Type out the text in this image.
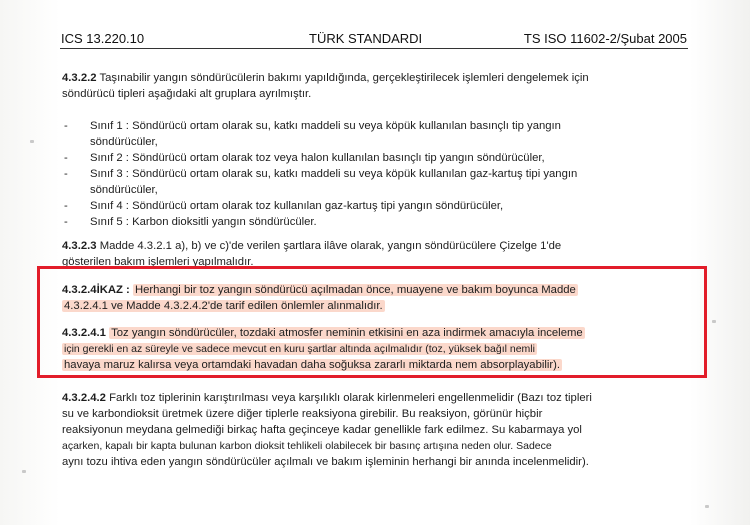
ICS 13.220.10	TÜRK STANDARDI	TS ISO 11602-2/Şubat 2005
4.3.2.2 Taşınabilir yangın söndürücülerin bakımı yapıldığında, gerçekleştirilecek işlemleri dengelemek için
söndürücü tipleri aşağıdaki alt gruplara ayrılmıştır.
- Sınıf 1 : Söndürücü ortam olarak su, katkı maddeli su veya köpük kullanılan basınçlı tip yangın
söndürücüler,
- Sınıf 2 : Söndürücü ortam olarak toz veya halon kullanılan basınçlı tip yangın söndürücüler,
- Sınıf 3 : Söndürücü ortam olarak su, katkı maddeli su veya köpük kullanılan gaz-kartuş tipi yangın
söndürücüler,
- Sınıf 4 : Söndürücü ortam olarak toz kullanılan gaz-kartuş tipi yangın söndürücüler,
- Sınıf 5 : Karbon dioksitli yangın söndürücüler.
4.3.2.3 Madde 4.3.2.1 a), b) ve c)'de verilen şartlara ilâve olarak, yangın söndürücülere Çizelge 1'de
gösterilen bakım işlemleri yapılmalıdır.
4.3.2.4İKAZ : Herhangi bir toz yangın söndürücü açılmadan önce, muayene ve bakım boyunca Madde
4.3.2.4.1 ve Madde 4.3.2.4.2'de tarif edilen önlemler alınmalıdır.
4.3.2.4.1 Toz yangın söndürücüler, tozdaki atmosfer neminin etkisini en aza indirmek amacıyla inceleme
için gerekli en az süreyle ve sadece mevcut en kuru şartlar altında açılmalıdır (toz, yüksek bağıl nemli
havaya maruz kalırsa veya ortamdaki havadan daha soğuksa zararlı miktarda nem absorplayabilir).
4.3.2.4.2 Farklı toz tiplerinin karıştırılması veya karşılıklı olarak kirlenmeleri engellenmelidir (Bazı toz tipleri
su ve karbondioksit üretmek üzere diğer tiplerle reaksiyona girebilir. Bu reaksiyon, görünür hiçbir
reaksiyonun meydana gelmediği birkaç hafta geçinceye kadar genellikle fark edilmez. Su kabarmaya yol
açarken, kapalı bir kapta bulunan karbon dioksit tehlikeli olabilecek bir basınç artışına neden olur. Sadece
aynı tozu ihtiva eden yangın söndürücüler açılmalı ve bakım işleminin herhangi bir anında incelenmelidir).
